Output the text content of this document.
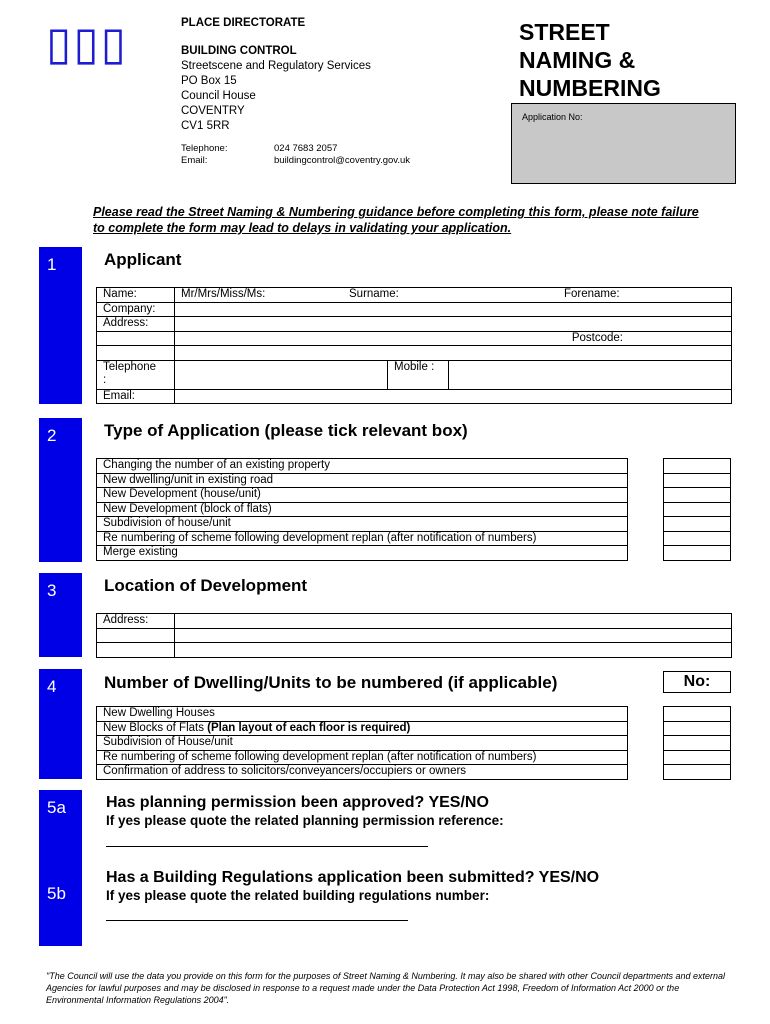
▯▯▯	PLACE DIRECTORATE
BUILDING CONTROL
Streetscene and Regulatory Services
PO Box 15
Council House
COVENTRY
CV1 5RR
Telephone:	024 7683 2057
Email:	buildingcontrol@coventry.gov.uk
STREET
NAMING &
NUMBERING
Application No:
Please read the Street Naming & Numbering guidance before completing this form, please note failure to complete the form may lead to delays in validating your application.
1	Applicant
Name:	Mr/Mrs/Miss/Ms: Surname: Forename:		
Company:			
Address:			
	Postcode:		

Telephone
:		Mobile :	
Email:			
2	Type of Application (please tick relevant box)
Changing the number of an existing property
New dwelling/unit in existing road
New Development (house/unit)
New Development (block of flats)
Subdivision of house/unit
Re numbering of scheme following development replan (after notification of numbers)
Merge existing

3	Location of Development
Address:	

4	Number of Dwelling/Units to be numbered (if applicable)	No:
New Dwelling Houses
New Blocks of Flats (Plan layout of each floor is required)
Subdivision of House/unit
Re numbering of scheme following development replan (after notification of numbers)
Confirmation of address to solicitors/conveyancers/occupiers or owners

5a
5b
Has planning permission been approved? YES/NO
If yes please quote the related planning permission reference:
Has a Building Regulations application been submitted? YES/NO
If yes please quote the related building regulations number:
"The Council will use the data you provide on this form for the purposes of Street Naming & Numbering. It may also be shared with other Council departments and external Agencies for lawful purposes and may be disclosed in response to a request made under the Data Protection Act 1998, Freedom of Information Act 2000 or the Environmental Information Regulations 2004".
